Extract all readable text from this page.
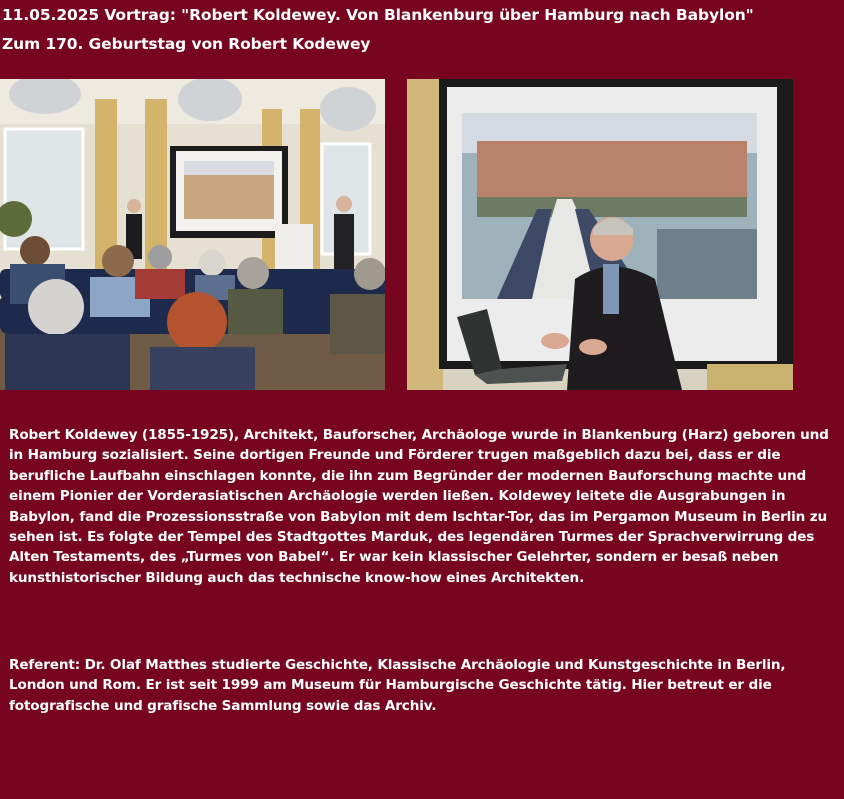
11.05.2025 Vortrag: "Robert Koldewey. Von Blankenburg über Hamburg nach Babylon"
Zum 170. Geburtstag von Robert Kodewey

Robert Koldewey (1855-1925), Architekt, Bauforscher, Archäologe wurde in Blankenburg (Harz) geboren und in Hamburg sozialisiert. Seine dortigen Freunde und Förderer trugen maßgeblich dazu bei, dass er die berufliche Laufbahn einschlagen konnte, die ihn zum Begründer der modernen Bauforschung machte und einem Pionier der Vorderasiatischen Archäologie werden ließen. Koldewey leitete die Ausgrabungen in Babylon, fand die Prozessionsstraße von Babylon mit dem Ischtar-Tor, das im Pergamon Museum in Berlin zu sehen ist. Es folgte der Tempel des Stadtgottes Marduk, des legendären Turmes der Sprachverwirrung des Alten Testaments, des „Turmes von Babel“. Er war kein klassischer Gelehrter, sondern er besaß neben kunsthistorischer Bildung auch das technische know-how eines Architekten.

Referent: Dr. Olaf Matthes studierte Geschichte, Klassische Archäologie und Kunstgeschichte in Berlin, London und Rom. Er ist seit 1999 am Museum für Hamburgische Geschichte tätig. Hier betreut er die fotografische und grafische Sammlung sowie das Archiv.
